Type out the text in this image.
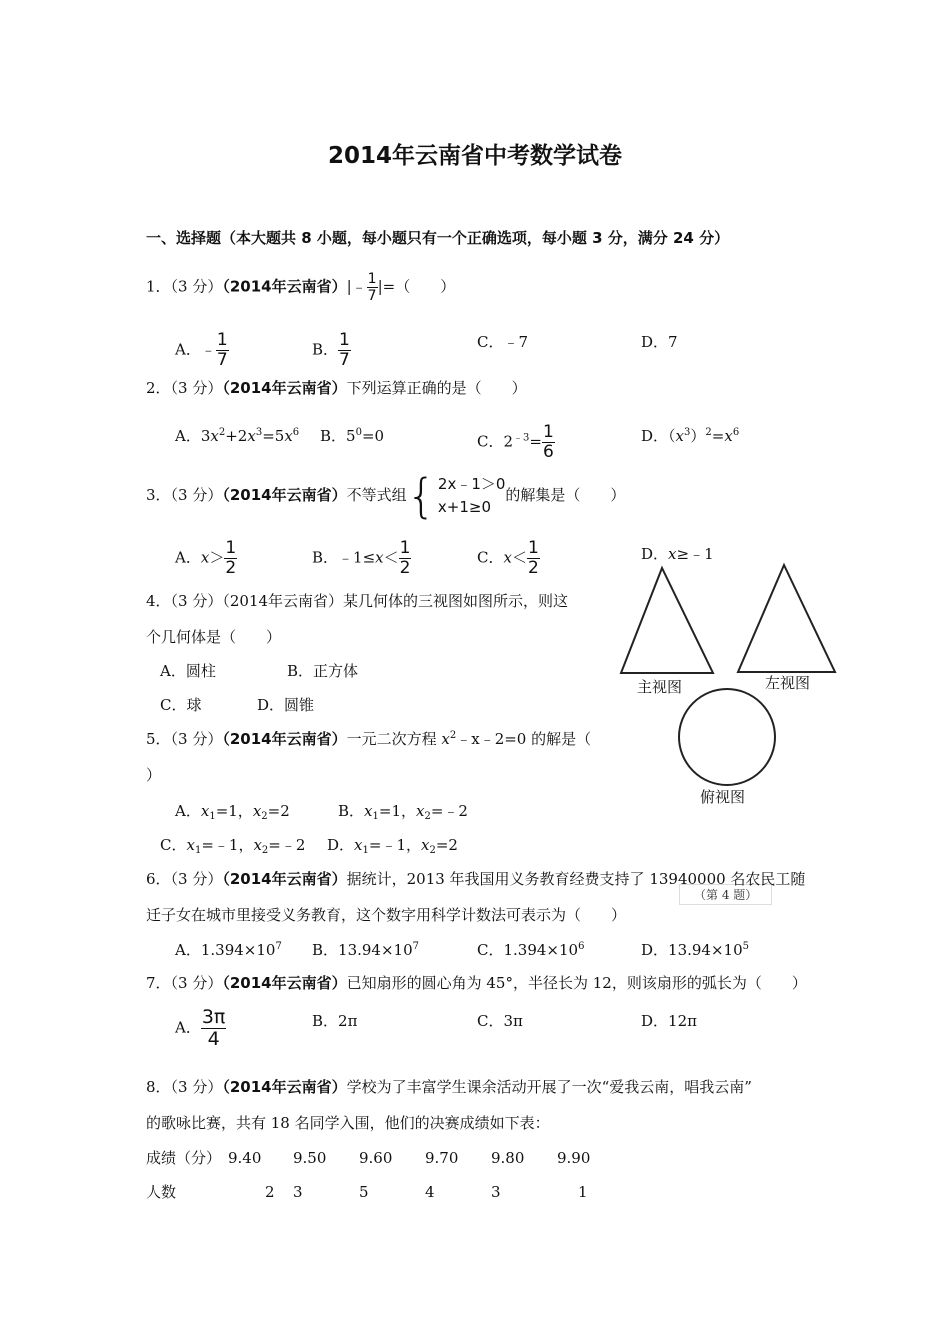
2014年云南省中考数学试卷
一、选择题（本大题共 8 小题，每小题只有一个正确选项，每小题 3 分，满分 24 分）
1．（3 分）（2014年云南省）|﹣ $\frac{1}{7}$ |=（　　）
A．﹣ $\frac{1}{7}$	B． $\frac{1}{7}$	C．﹣7	D．7
2．（3 分）（2014年云南省）下列运算正确的是（　　）
A．$3x^2+2x^3=5x^6$ B．$5^0=0$	C．$2^{﹣3}= \frac{1}{6}$	D．$(x^3)^2=x^6$
3．（3 分）（2014年云南省）不等式组 { 2x﹣1＞0
x+1≥0
的解集是（　　）
A．$x> \frac{1}{2}$	B．﹣1≤x＜ $\frac{1}{2}$	C．$x< \frac{1}{2}$	D．x≥﹣1
4．（3 分）（2014年云南省）某几何体的三视图如图所示，则这
个几何体是（　　）
A．圆柱	B．正方体
C．球	D．圆锥
主视图	左视图
俯视图
（第 4 题）
5．（3 分）（2014年云南省）一元二次方程 $x^2﹣x﹣2=0$ 的解是（
）
A．$x_1=1$，$x_2=2$	B．$x_1=1$，$x_2=﹣2$
C．$x_1=﹣1$，$x_2=﹣2$ D．$x_1=﹣1$，$x_2=2$
6．（3 分）（2014年云南省）据统计，2013 年我国用义务教育经费支持了 13940000 名农民工随
迁子女在城市里接受义务教育，这个数字用科学计数法可表示为（　　）
A．$1.394\times 10^7$ B．$13.94\times 10^7$	C．$1.394\times 10^6$	D．$13.94\times 10^5$
7．（3 分）（2014年云南省）已知扇形的圆心角为 45°，半径长为 12，则该扇形的弧长为（　　）
A． $\frac{3\pi}{4}$	B．2π	C．3π	D．12π
8．（3 分）（2014年云南省）学校为了丰富学生课余活动开展了一次“爱我云南，唱我云南”
的歌咏比赛，共有 18 名同学入围，他们的决赛成绩如下表：
成绩（分） 9.40 9.50 9.60 9.70 9.80 9.90
人数	2 3	5	4	3	1
